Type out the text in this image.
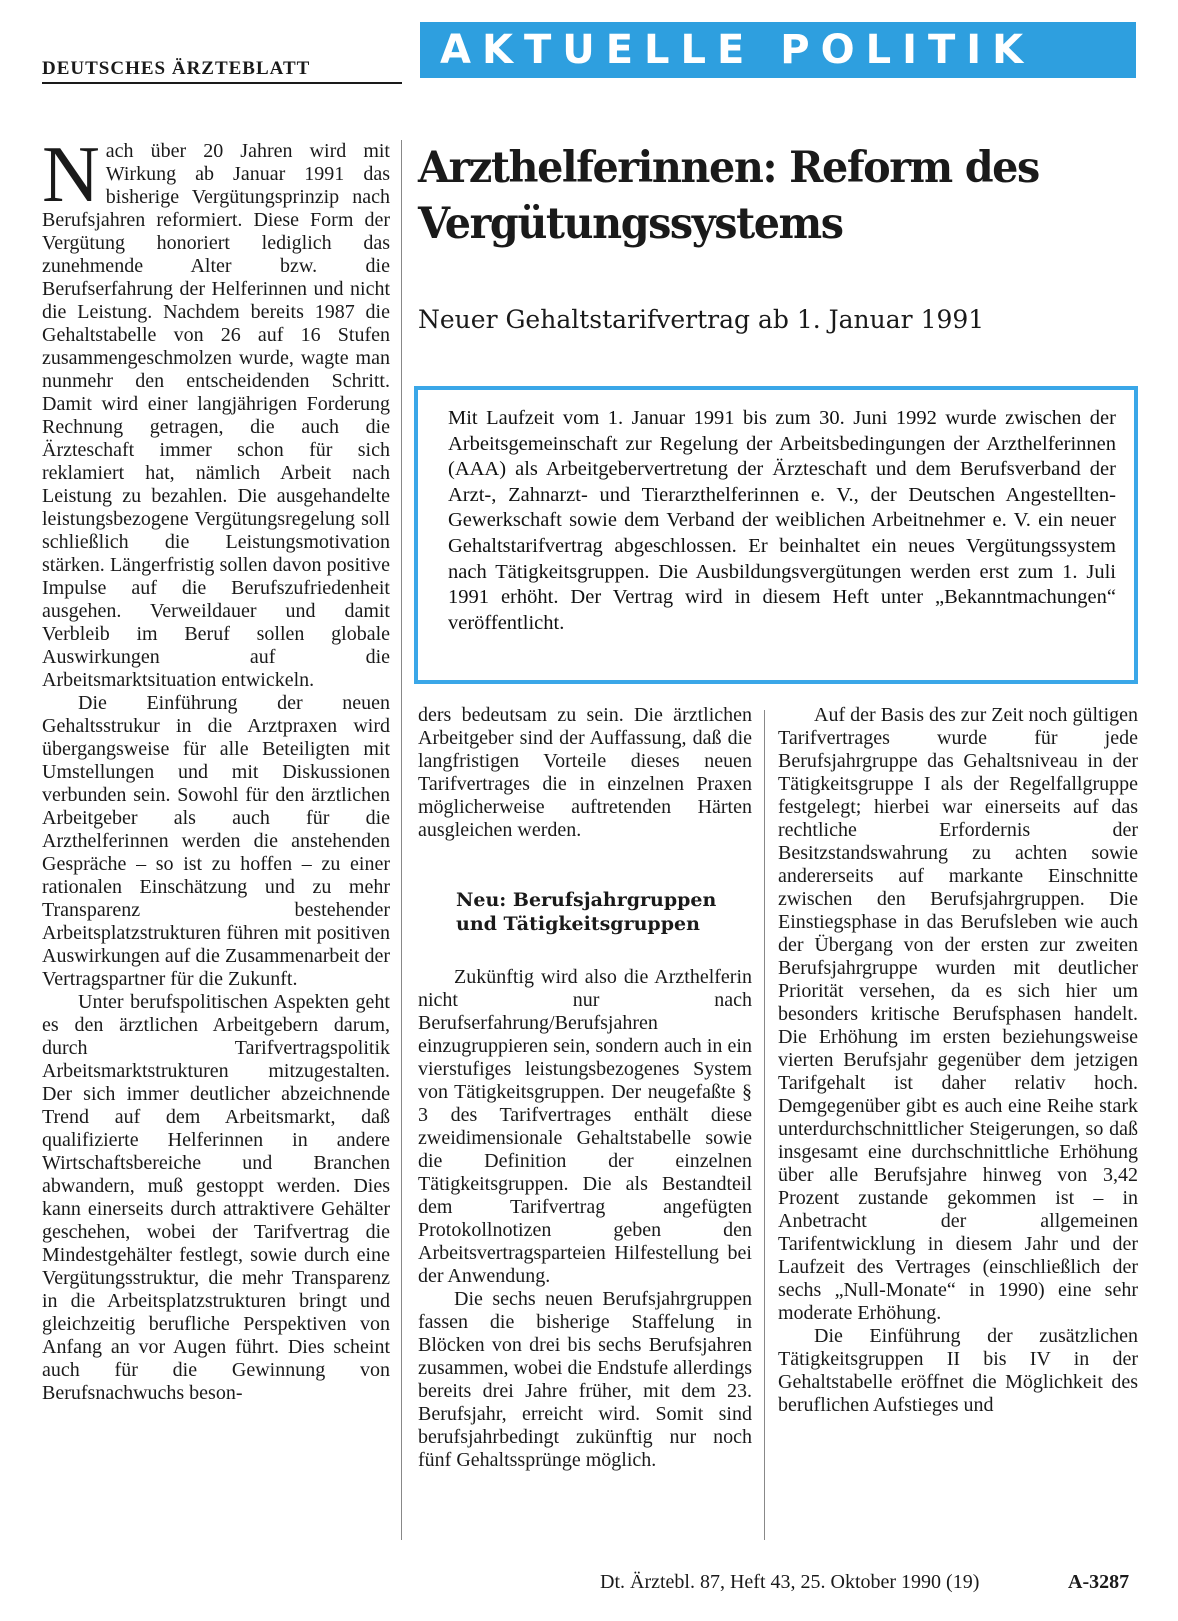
DEUTSCHES ÄRZTEBLATT	AKTUELLE POLITIK
Arzthelferinnen: Reform des Vergütungssystems
Neuer Gehaltstarifvertrag ab 1. Januar 1991
Mit Laufzeit vom 1. Januar 1991 bis zum 30. Juni 1992 wurde zwischen der Arbeitsgemeinschaft zur Regelung der Arbeitsbedingungen der Arzthelferinnen (AAA) als Arbeitgebervertretung der Ärzteschaft und dem Berufsverband der Arzt-, Zahnarzt- und Tierarzthelferinnen e. V., der Deutschen Angestellten-Gewerkschaft sowie dem Verband der weiblichen Arbeitnehmer e. V. ein neuer Gehaltstarifvertrag abgeschlossen. Er beinhaltet ein neues Vergütungssystem nach Tätigkeitsgruppen. Die Ausbildungsvergütungen werden erst zum 1. Juli 1991 erhöht. Der Vertrag wird in diesem Heft unter „Bekanntmachungen“ veröffentlicht.

Nach über 20 Jahren wird mit Wirkung ab Januar 1991 das bisherige Vergütungsprinzip nach Berufsjahren reformiert. Diese Form der Vergütung honoriert lediglich das zunehmende Alter bzw. die Berufserfahrung der Helferinnen und nicht die Leistung. Nachdem bereits 1987 die Gehaltstabelle von 26 auf 16 Stufen zusammengeschmolzen wurde, wagte man nunmehr den entscheidenden Schritt. Damit wird einer langjährigen Forderung Rechnung getragen, die auch die Ärzteschaft immer schon für sich reklamiert hat, nämlich Arbeit nach Leistung zu bezahlen. Die ausgehandelte leistungsbezogene Vergütungsregelung soll schließlich die Leistungsmotivation stärken. Längerfristig sollen davon positive Impulse auf die Berufszufriedenheit ausgehen. Verweildauer und damit Verbleib im Beruf sollen globale Auswirkungen auf die Arbeitsmarktsituation entwickeln.

Die Einführung der neuen Gehaltsstrukur in die Arztpraxen wird übergangsweise für alle Beteiligten mit Umstellungen und mit Diskussionen verbunden sein. Sowohl für den ärztlichen Arbeitgeber als auch für die Arzthelferinnen werden die anstehenden Gespräche – so ist zu hoffen – zu einer rationalen Einschätzung und zu mehr Transparenz bestehender Arbeitsplatzstrukturen führen mit positiven Auswirkungen auf die Zusammenarbeit der Vertragspartner für die Zukunft.

Unter berufspolitischen Aspekten geht es den ärztlichen Arbeitgebern darum, durch Tarifvertragspolitik Arbeitsmarktstrukturen mitzugestalten. Der sich immer deutlicher abzeichnende Trend auf dem Arbeitsmarkt, daß qualifizierte Helferinnen in andere Wirtschaftsbereiche und Branchen abwandern, muß gestoppt werden. Dies kann einerseits durch attraktivere Gehälter geschehen, wobei der Tarifvertrag die Mindestgehälter festlegt, sowie durch eine Vergütungsstruktur, die mehr Transparenz in die Arbeitsplatzstrukturen bringt und gleichzeitig berufliche Perspektiven von Anfang an vor Augen führt. Dies scheint auch für die Gewinnung von Berufsnachwuchs beson-

ders bedeutsam zu sein. Die ärztlichen Arbeitgeber sind der Auffassung, daß die langfristigen Vorteile dieses neuen Tarifvertrages die in einzelnen Praxen möglicherweise auftretenden Härten ausgleichen werden.

Neu: Berufsjahrgruppen und Tätigkeitsgruppen

Zukünftig wird also die Arzthelferin nicht nur nach Berufserfahrung/Berufsjahren einzugruppieren sein, sondern auch in ein vierstufiges leistungsbezogenes System von Tätigkeitsgruppen. Der neugefaßte § 3 des Tarifvertrages enthält diese zweidimensionale Gehaltstabelle sowie die Definition der einzelnen Tätigkeitsgruppen. Die als Bestandteil dem Tarifvertrag angefügten Protokollnotizen geben den Arbeitsvertragsparteien Hilfestellung bei der Anwendung.

Die sechs neuen Berufsjahrgruppen fassen die bisherige Staffelung in Blöcken von drei bis sechs Berufsjahren zusammen, wobei die Endstufe allerdings bereits drei Jahre früher, mit dem 23. Berufsjahr, erreicht wird. Somit sind berufsjahrbedingt zukünftig nur noch fünf Gehaltssprünge möglich.

Auf der Basis des zur Zeit noch gültigen Tarifvertrages wurde für jede Berufsjahrgruppe das Gehaltsniveau in der Tätigkeitsgruppe I als der Regelfallgruppe festgelegt; hierbei war einerseits auf das rechtliche Erfordernis der Besitzstandswahrung zu achten sowie andererseits auf markante Einschnitte zwischen den Berufsjahrgruppen. Die Einstiegsphase in das Berufsleben wie auch der Übergang von der ersten zur zweiten Berufsjahrgruppe wurden mit deutlicher Priorität versehen, da es sich hier um besonders kritische Berufsphasen handelt. Die Erhöhung im ersten beziehungsweise vierten Berufsjahr gegenüber dem jetzigen Tarifgehalt ist daher relativ hoch. Demgegenüber gibt es auch eine Reihe stark unterdurchschnittlicher Steigerungen, so daß insgesamt eine durchschnittliche Erhöhung über alle Berufsjahre hinweg von 3,42 Prozent zustande gekommen ist – in Anbetracht der allgemeinen Tarifentwicklung in diesem Jahr und der Laufzeit des Vertrages (einschließlich der sechs „Null-Monate“ in 1990) eine sehr moderate Erhöhung.

Die Einführung der zusätzlichen Tätigkeitsgruppen II bis IV in der Gehaltstabelle eröffnet die Möglichkeit des beruflichen Aufstieges und

Dt. Ärztebl. 87, Heft 43, 25. Oktober 1990 (19)	A-3287
